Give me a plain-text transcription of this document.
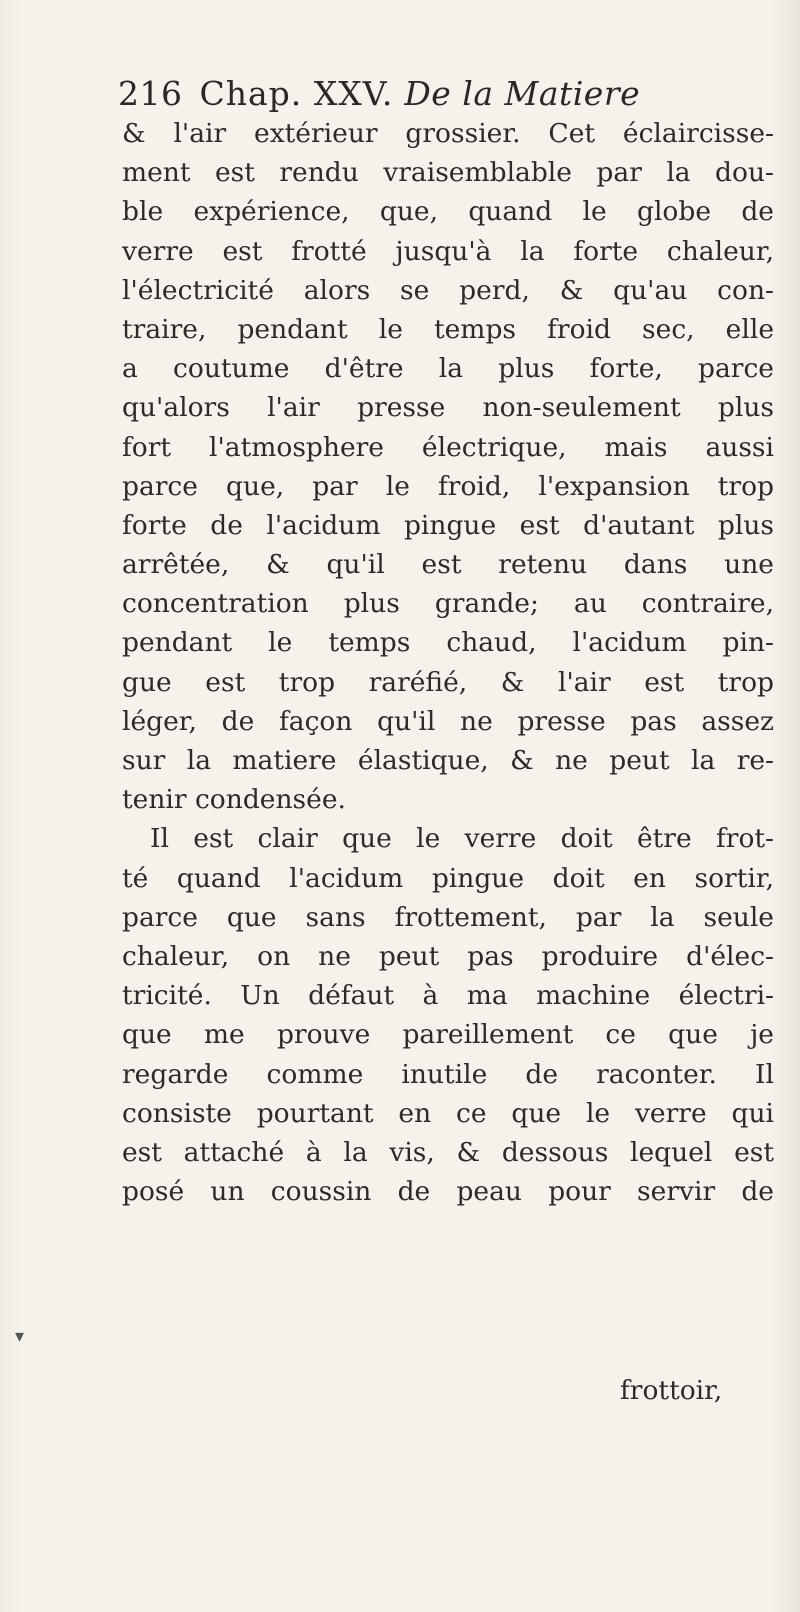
216 Chap. XXV. De la Matiere
& l'air extérieur grossier. Cet éclaircisse-
ment est rendu vraisemblable par la dou-
ble expérience, que, quand le globe de
verre est frotté jusqu'à la forte chaleur,
l'électricité alors se perd, & qu'au con-
traire, pendant le temps froid sec, elle
a coutume d'être la plus forte, parce
qu'alors l'air presse non-seulement plus
fort l'atmosphere électrique, mais aussi
parce que, par le froid, l'expansion trop
forte de l'acidum pingue est d'autant plus
arrêtée, & qu'il est retenu dans une
concentration plus grande; au contraire,
pendant le temps chaud, l'acidum pin-
gue est trop raréfié, & l'air est trop
léger, de façon qu'il ne presse pas assez
sur la matiere élastique, & ne peut la re-
tenir condensée.
Il est clair que le verre doit être frot-
té quand l'acidum pingue doit en sortir,
parce que sans frottement, par la seule
chaleur, on ne peut pas produire d'élec-
tricité. Un défaut à ma machine électri-
que me prouve pareillement ce que je
regarde comme inutile de raconter. Il
consiste pourtant en ce que le verre qui
est attaché à la vis, & dessous lequel est
posé un coussin de peau pour servir de
frottoir,
▾
